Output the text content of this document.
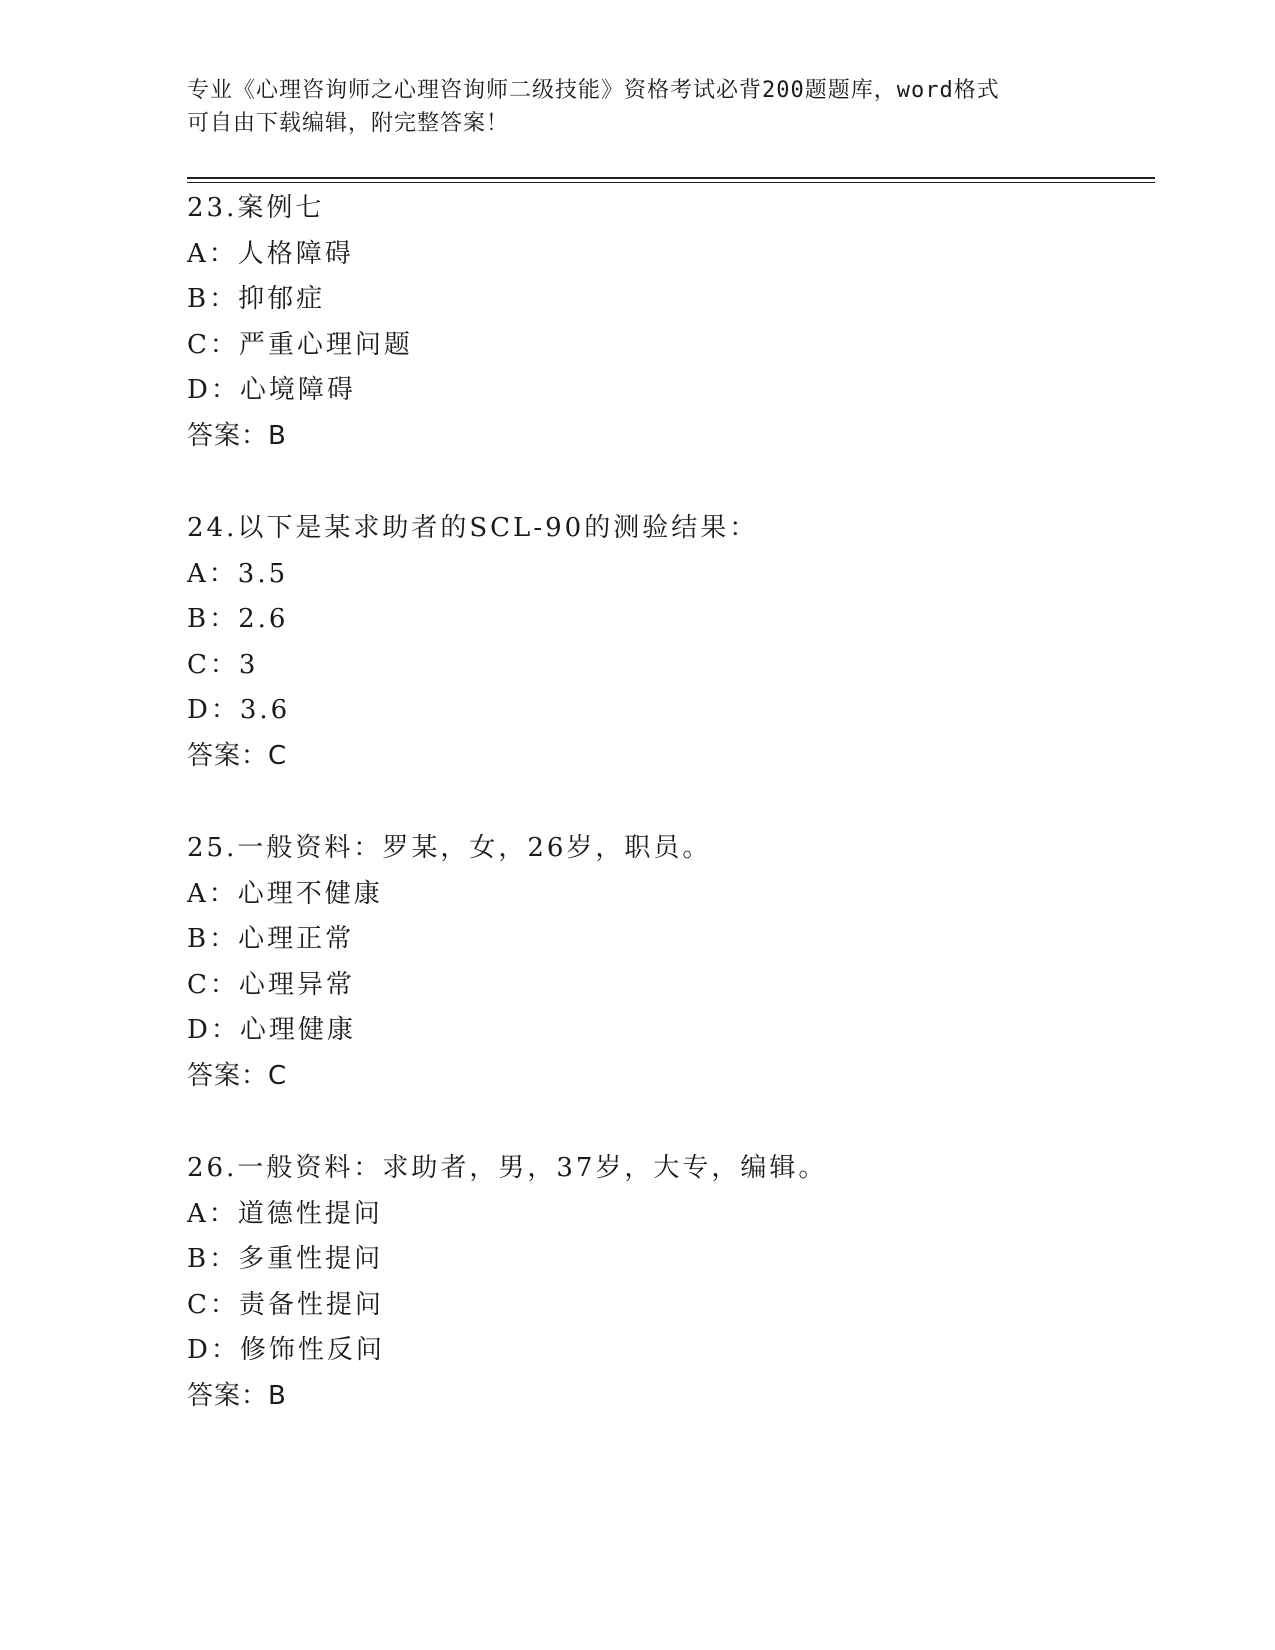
专业《心理咨询师之心理咨询师二级技能》资格考试必背200题题库，word格式
可自由下载编辑，附完整答案！
23.案例七
A：人格障碍
B：抑郁症
C：严重心理问题
D：心境障碍
答案：B
24.以下是某求助者的SCL-90的测验结果：
A：3.5
B：2.6
C：3
D：3.6
答案：C
25.一般资料：罗某，女，26岁，职员。
A：心理不健康
B：心理正常
C：心理异常
D：心理健康
答案：C
26.一般资料：求助者，男，37岁，大专，编辑。
A：道德性提问
B：多重性提问
C：责备性提问
D：修饰性反问
答案：B
